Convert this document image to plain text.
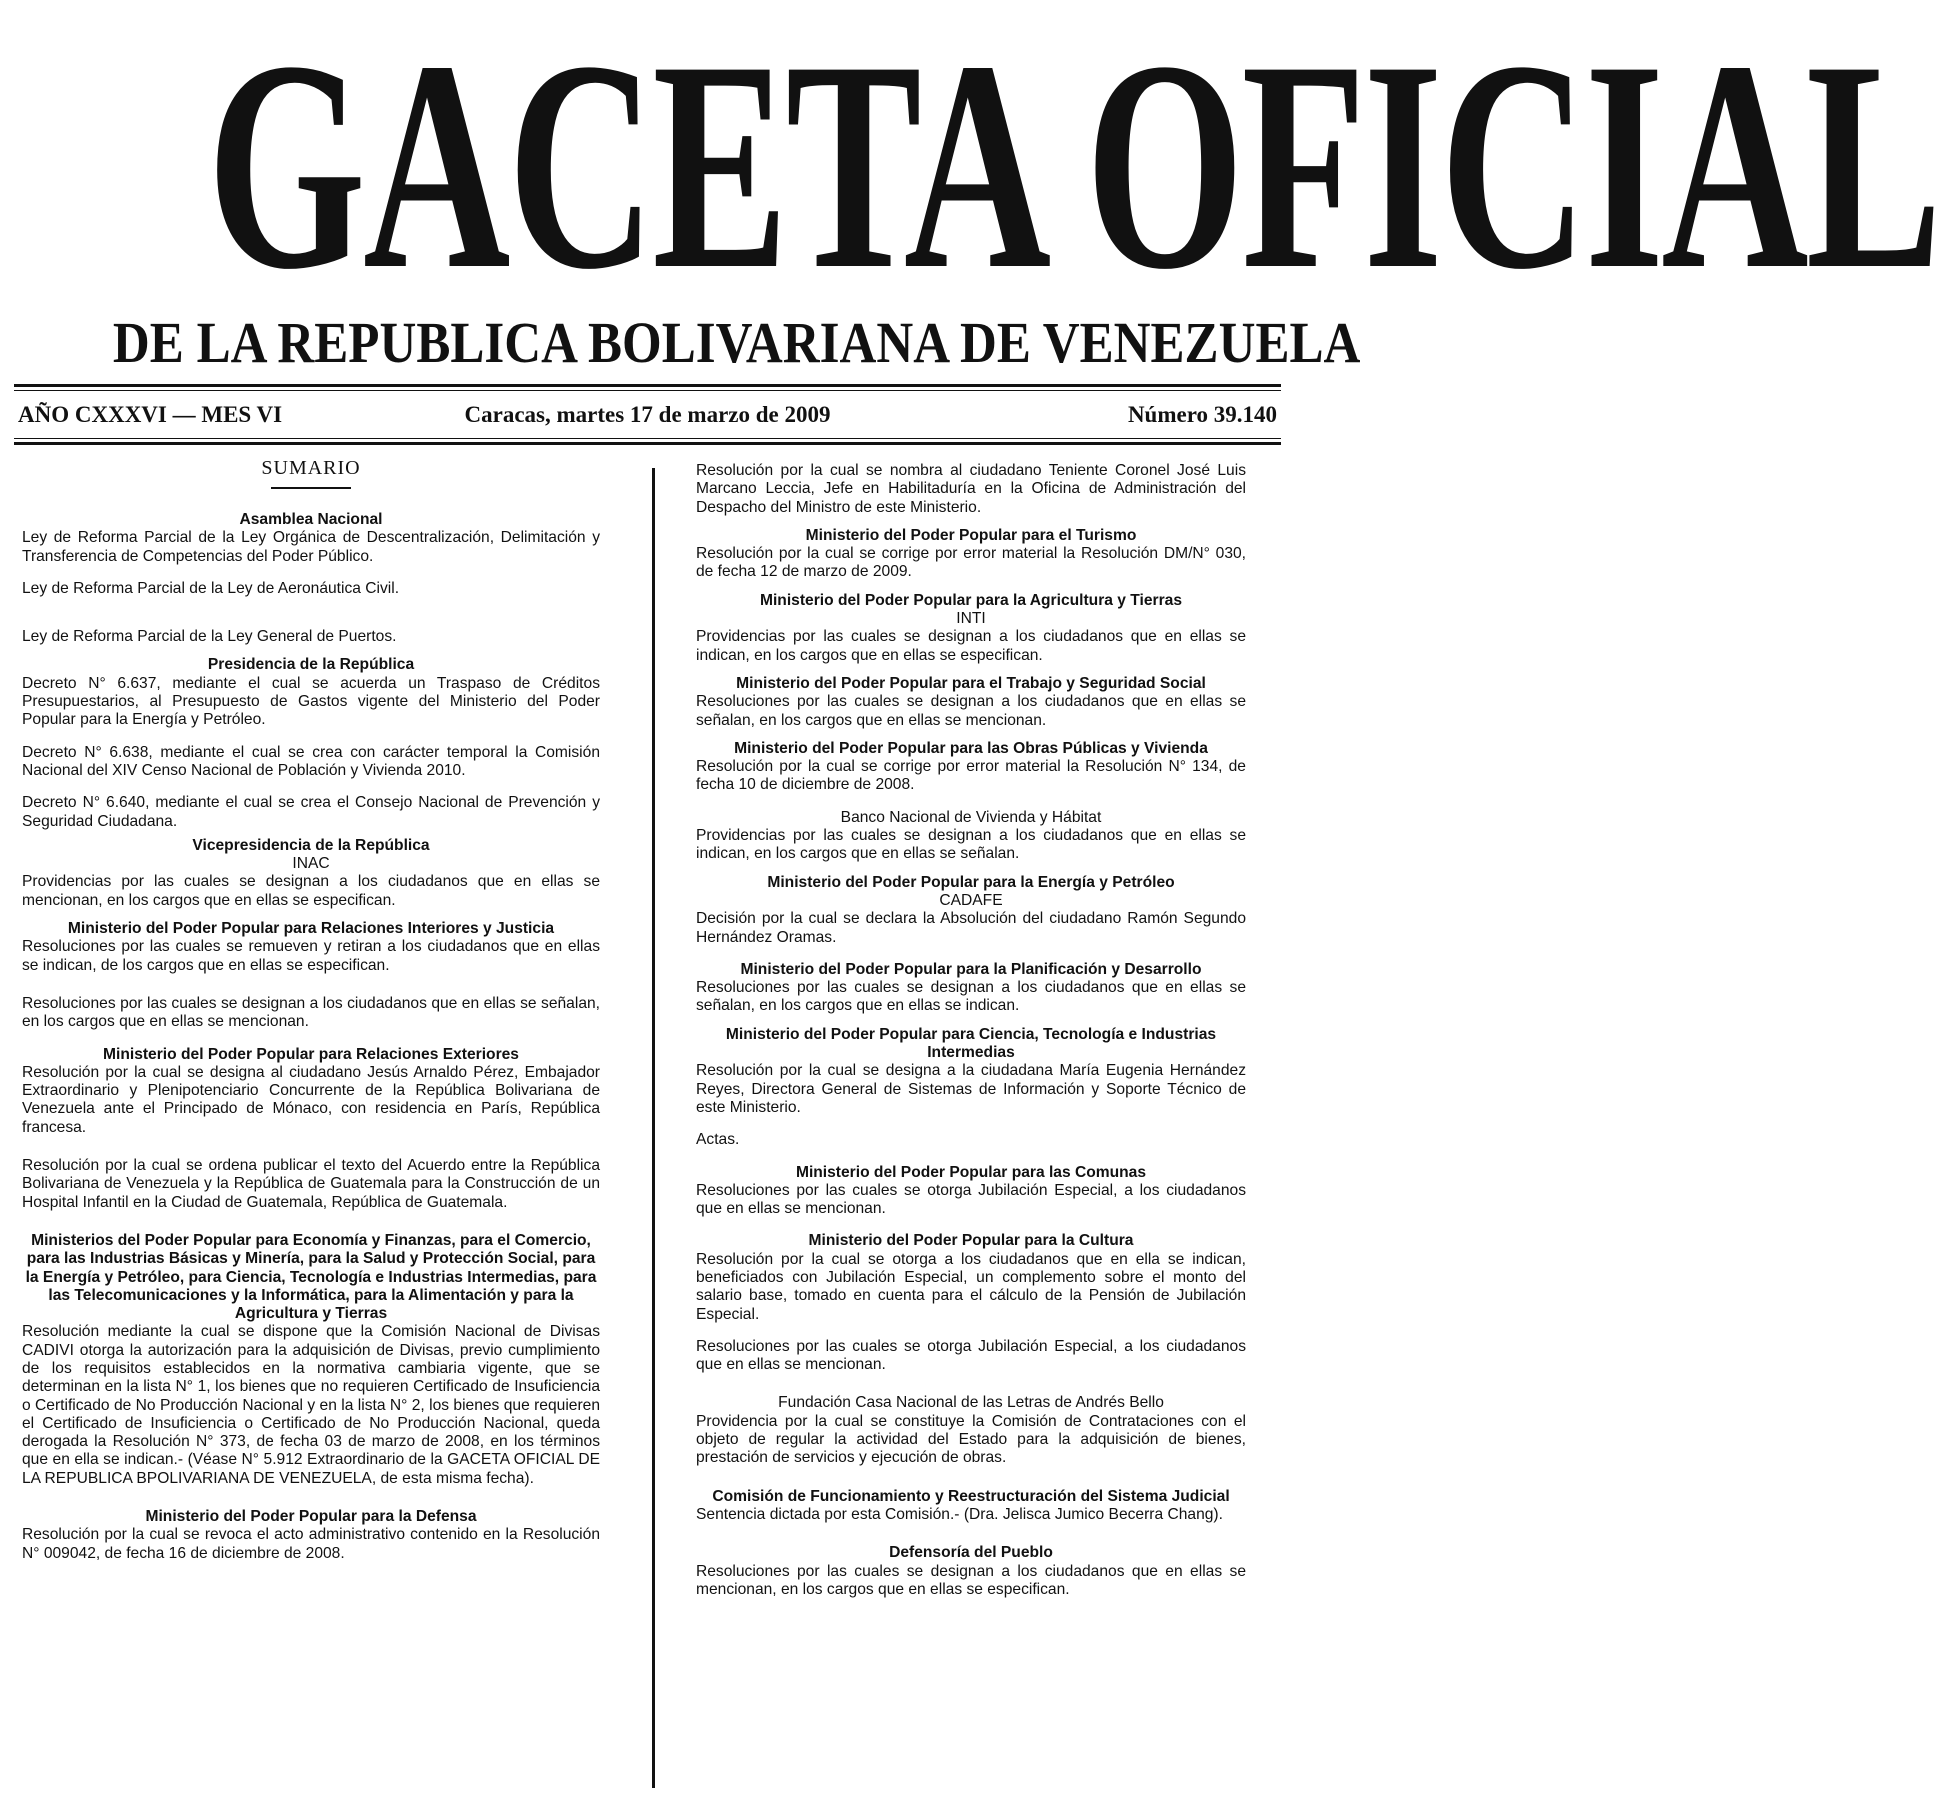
GACETA OFICIAL
DE LA REPUBLICA BOLIVARIANA DE VENEZUELA
AÑO CXXXVI — MES VI	Caracas, martes 17 de marzo de 2009	Número 39.140
SUMARIO
Asamblea Nacional
Ley de Reforma Parcial de la Ley Orgánica de Descentralización, Delimitación y Transferencia de Competencias del Poder Público.
Ley de Reforma Parcial de la Ley de Aeronáutica Civil.
Ley de Reforma Parcial de la Ley General de Puertos.
Presidencia de la República
Decreto N° 6.637, mediante el cual se acuerda un Traspaso de Créditos Presupuestarios, al Presupuesto de Gastos vigente del Ministerio del Poder Popular para la Energía y Petróleo.
Decreto N° 6.638, mediante el cual se crea con carácter temporal la Comisión Nacional del XIV Censo Nacional de Población y Vivienda 2010.
Decreto N° 6.640, mediante el cual se crea el Consejo Nacional de Prevención y Seguridad Ciudadana.
Vicepresidencia de la República
INAC
Providencias por las cuales se designan a los ciudadanos que en ellas se mencionan, en los cargos que en ellas se especifican.
Ministerio del Poder Popular para Relaciones Interiores y Justicia
Resoluciones por las cuales se remueven y retiran a los ciudadanos que en ellas se indican, de los cargos que en ellas se especifican.
Resoluciones por las cuales se designan a los ciudadanos que en ellas se señalan, en los cargos que en ellas se mencionan.
Ministerio del Poder Popular para Relaciones Exteriores
Resolución por la cual se designa al ciudadano Jesús Arnaldo Pérez, Embajador Extraordinario y Plenipotenciario Concurrente de la República Bolivariana de Venezuela ante el Principado de Mónaco, con residencia en París, República francesa.
Resolución por la cual se ordena publicar el texto del Acuerdo entre la República Bolivariana de Venezuela y la República de Guatemala para la Construcción de un Hospital Infantil en la Ciudad de Guatemala, República de Guatemala.
Ministerios del Poder Popular para Economía y Finanzas, para el Comercio, para las Industrias Básicas y Minería, para la Salud y Protección Social, para la Energía y Petróleo, para Ciencia, Tecnología e Industrias Intermedias, para las Telecomunicaciones y la Informática, para la Alimentación y para la Agricultura y Tierras
Resolución mediante la cual se dispone que la Comisión Nacional de Divisas CADIVI otorga la autorización para la adquisición de Divisas, previo cumplimiento de los requisitos establecidos en la normativa cambiaria vigente, que se determinan en la lista N° 1, los bienes que no requieren Certificado de Insuficiencia o Certificado de No Producción Nacional y en la lista N° 2, los bienes que requieren el Certificado de Insuficiencia o Certificado de No Producción Nacional, queda derogada la Resolución N° 373, de fecha 03 de marzo de 2008, en los términos que en ella se indican.- (Véase N° 5.912 Extraordinario de la GACETA OFICIAL DE LA REPUBLICA BPOLIVARIANA DE VENEZUELA, de esta misma fecha).
Ministerio del Poder Popular para la Defensa
Resolución por la cual se revoca el acto administrativo contenido en la Resolución N° 009042, de fecha 16 de diciembre de 2008.
Resolución por la cual se nombra al ciudadano Teniente Coronel José Luis Marcano Leccia, Jefe en Habilitaduría en la Oficina de Administración del Despacho del Ministro de este Ministerio.
Ministerio del Poder Popular para el Turismo
Resolución por la cual se corrige por error material la Resolución DM/N° 030, de fecha 12 de marzo de 2009.
Ministerio del Poder Popular para la Agricultura y Tierras
INTI
Providencias por las cuales se designan a los ciudadanos que en ellas se indican, en los cargos que en ellas se especifican.
Ministerio del Poder Popular para el Trabajo y Seguridad Social
Resoluciones por las cuales se designan a los ciudadanos que en ellas se señalan, en los cargos que en ellas se mencionan.
Ministerio del Poder Popular para las Obras Públicas y Vivienda
Resolución por la cual se corrige por error material la Resolución N° 134, de fecha 10 de diciembre de 2008.
Banco Nacional de Vivienda y Hábitat
Providencias por las cuales se designan a los ciudadanos que en ellas se indican, en los cargos que en ellas se señalan.
Ministerio del Poder Popular para la Energía y Petróleo
CADAFE
Decisión por la cual se declara la Absolución del ciudadano Ramón Segundo Hernández Oramas.
Ministerio del Poder Popular para la Planificación y Desarrollo
Resoluciones por las cuales se designan a los ciudadanos que en ellas se señalan, en los cargos que en ellas se indican.
Ministerio del Poder Popular para Ciencia, Tecnología e Industrias Intermedias
Resolución por la cual se designa a la ciudadana María Eugenia Hernández Reyes, Directora General de Sistemas de Información y Soporte Técnico de este Ministerio.
Actas.
Ministerio del Poder Popular para las Comunas
Resoluciones por las cuales se otorga Jubilación Especial, a los ciudadanos que en ellas se mencionan.
Ministerio del Poder Popular para la Cultura
Resolución por la cual se otorga a los ciudadanos que en ella se indican, beneficiados con Jubilación Especial, un complemento sobre el monto del salario base, tomado en cuenta para el cálculo de la Pensión de Jubilación Especial.
Resoluciones por las cuales se otorga Jubilación Especial, a los ciudadanos que en ellas se mencionan.
Fundación Casa Nacional de las Letras de Andrés Bello
Providencia por la cual se constituye la Comisión de Contrataciones con el objeto de regular la actividad del Estado para la adquisición de bienes, prestación de servicios y ejecución de obras.
Comisión de Funcionamiento y Reestructuración del Sistema Judicial
Sentencia dictada por esta Comisión.- (Dra. Jelisca Jumico Becerra Chang).
Defensoría del Pueblo
Resoluciones por las cuales se designan a los ciudadanos que en ellas se mencionan, en los cargos que en ellas se especifican.
